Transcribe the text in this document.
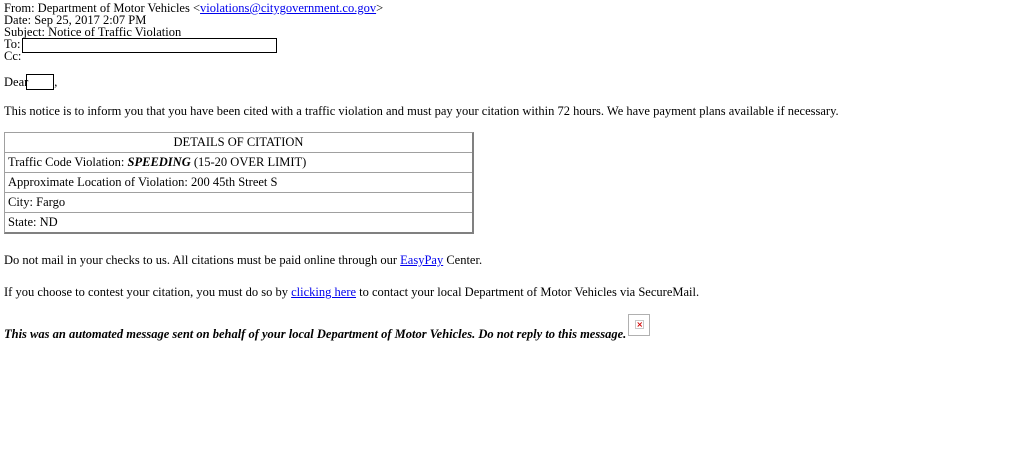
From: Department of Motor Vehicles <violations@citygovernment.co.gov>
Date: Sep 25, 2017 2:07 PM
Subject: Notice of Traffic Violation
To:
Cc:
Dear ,

This notice is to inform you that you have been cited with a traffic violation and must pay your citation within 72 hours. We have payment plans available if necessary.

DETAILS OF CITATION
Traffic Code Violation: SPEEDING (15-20 OVER LIMIT)
Approximate Location of Violation: 200 45th Street S
City: Fargo
State: ND

Do not mail in your checks to us. All citations must be paid online through our EasyPay Center.

If you choose to contest your citation, you must do so by clicking here to contact your local Department of Motor Vehicles via SecureMail.

This was an automated message sent on behalf of your local Department of Motor Vehicles. Do not reply to this message.
×
